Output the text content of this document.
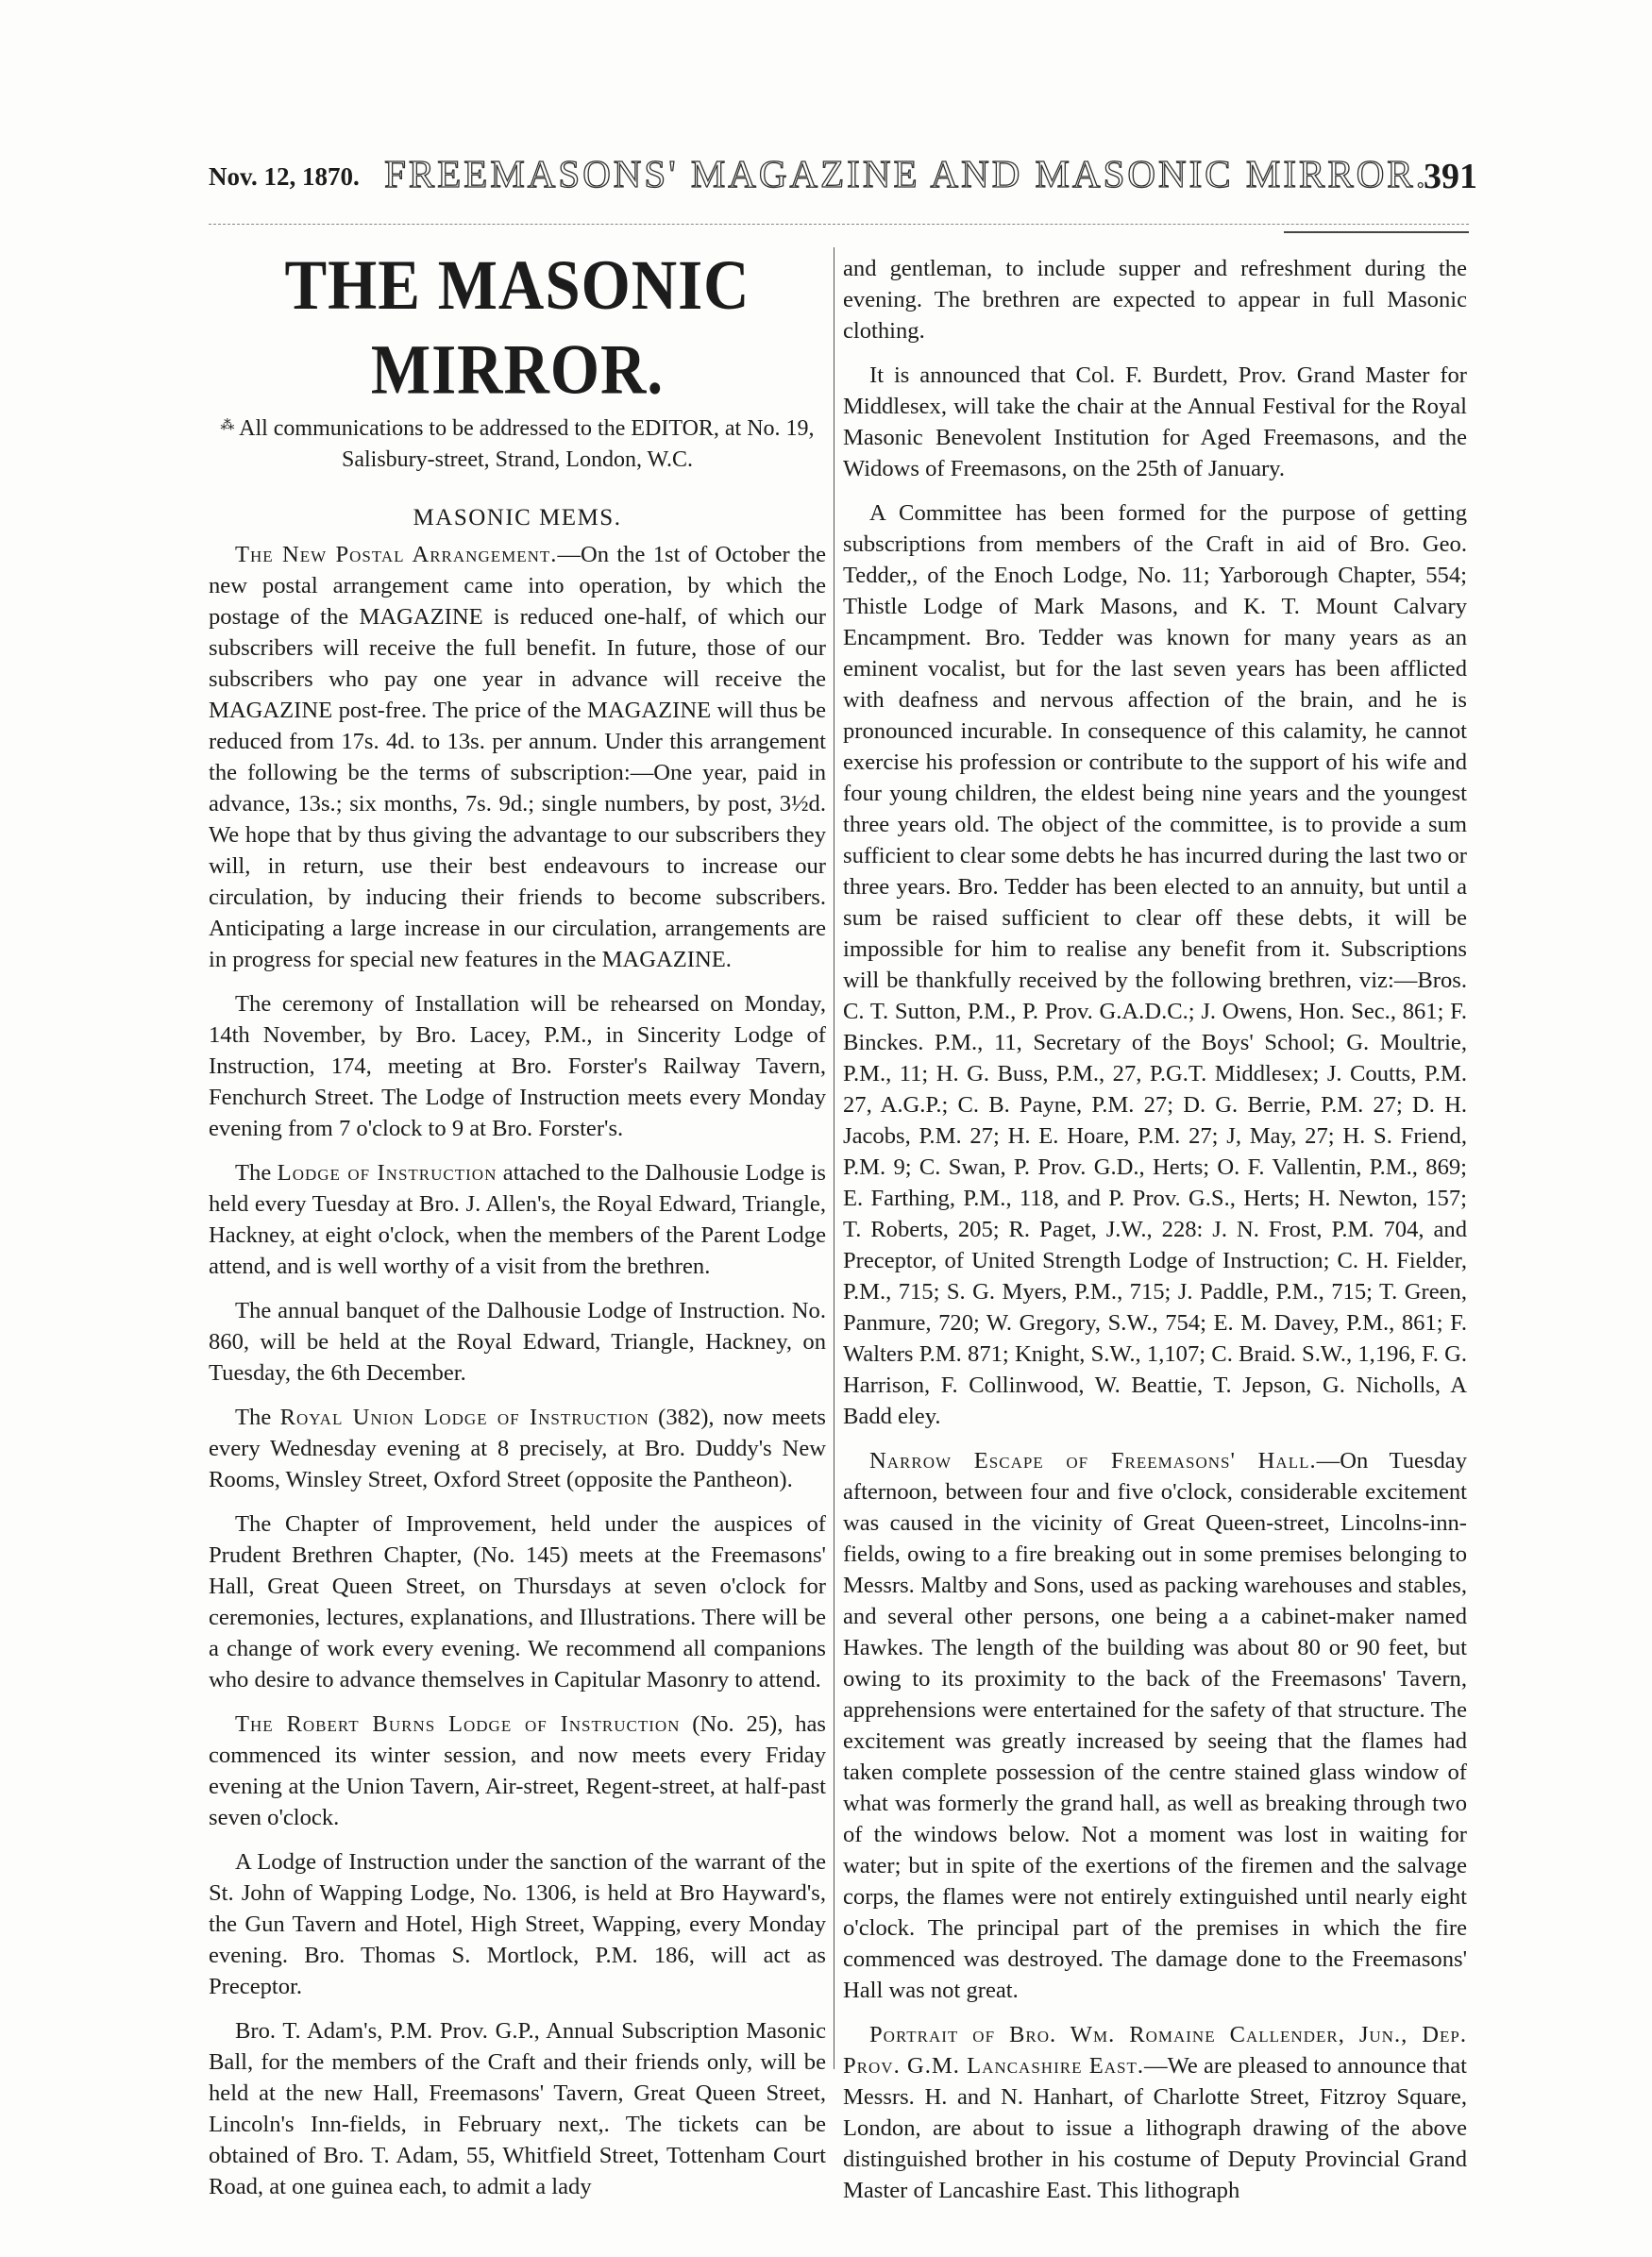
Nov. 12, 1870. FREEMASONS' MAGAZINE AND MASONIC MIRROR.
391
THE MASONIC MIRROR.
⁂ All communications to be addressed to the EDITOR, at No. 19, Salisbury-street, Strand, London, W.C.
MASONIC MEMS.

The New Postal Arrangement.—On the 1st of October the new postal arrangement came into operation, by which the postage of the MAGAZINE is reduced one-half, of which our subscribers will receive the full benefit. In future, those of our subscribers who pay one year in advance will receive the MAGAZINE post-free. The price of the MAGAZINE will thus be reduced from 17s. 4d. to 13s. per annum. Under this arrangement the following be the terms of subscription:—One year, paid in advance, 13s.; six months, 7s. 9d.; single numbers, by post, 3½d. We hope that by thus giving the advantage to our subscribers they will, in return, use their best endeavours to increase our circulation, by inducing their friends to become subscribers. Anticipating a large increase in our circulation, arrangements are in progress for special new features in the MAGAZINE.

The ceremony of Installation will be rehearsed on Monday, 14th November, by Bro. Lacey, P.M., in Sincerity Lodge of Instruction, 174, meeting at Bro. Forster's Railway Tavern, Fenchurch Street. The Lodge of Instruction meets every Monday evening from 7 o'clock to 9 at Bro. Forster's.

The Lodge of Instruction attached to the Dalhousie Lodge is held every Tuesday at Bro. J. Allen's, the Royal Edward, Triangle, Hackney, at eight o'clock, when the members of the Parent Lodge attend, and is well worthy of a visit from the brethren.

The annual banquet of the Dalhousie Lodge of Instruction. No. 860, will be held at the Royal Edward, Triangle, Hackney, on Tuesday, the 6th December.

The Royal Union Lodge of Instruction (382), now meets every Wednesday evening at 8 precisely, at Bro. Duddy's New Rooms, Winsley Street, Oxford Street (opposite the Pantheon).

The Chapter of Improvement, held under the auspices of Prudent Brethren Chapter, (No. 145) meets at the Freemasons' Hall, Great Queen Street, on Thursdays at seven o'clock for ceremonies, lectures, explanations, and Illustrations. There will be a change of work every evening. We recommend all companions who desire to advance themselves in Capitular Masonry to attend.

The Robert Burns Lodge of Instruction (No. 25), has commenced its winter session, and now meets every Friday evening at the Union Tavern, Air-street, Regent-street, at half-past seven o'clock.

A Lodge of Instruction under the sanction of the warrant of the St. John of Wapping Lodge, No. 1306, is held at Bro Hayward's, the Gun Tavern and Hotel, High Street, Wapping, every Monday evening. Bro. Thomas S. Mortlock, P.M. 186, will act as Preceptor.

Bro. T. Adam's, P.M. Prov. G.P., Annual Subscription Masonic Ball, for the members of the Craft and their friends only, will be held at the new Hall, Freemasons' Tavern, Great Queen Street, Lincoln's Inn-fields, in February next,. The tickets can be obtained of Bro. T. Adam, 55, Whitfield Street, Tottenham Court Road, at one guinea each, to admit a lady

and gentleman, to include supper and refreshment during the evening. The brethren are expected to appear in full Masonic clothing.

It is announced that Col. F. Burdett, Prov. Grand Master for Middlesex, will take the chair at the Annual Festival for the Royal Masonic Benevolent Institution for Aged Freemasons, and the Widows of Freemasons, on the 25th of January.

A Committee has been formed for the purpose of getting subscriptions from members of the Craft in aid of Bro. Geo. Tedder,, of the Enoch Lodge, No. 11; Yarborough Chapter, 554; Thistle Lodge of Mark Masons, and K. T. Mount Calvary Encampment. Bro. Tedder was known for many years as an eminent vocalist, but for the last seven years has been afflicted with deafness and nervous affection of the brain, and he is pronounced incurable. In consequence of this calamity, he cannot exercise his profession or contribute to the support of his wife and four young children, the eldest being nine years and the youngest three years old. The object of the committee, is to provide a sum sufficient to clear some debts he has incurred during the last two or three years. Bro. Tedder has been elected to an annuity, but until a sum be raised sufficient to clear off these debts, it will be impossible for him to realise any benefit from it. Subscriptions will be thankfully received by the following brethren, viz:—Bros. C. T. Sutton, P.M., P. Prov. G.A.D.C.; J. Owens, Hon. Sec., 861; F. Binckes. P.M., 11, Secretary of the Boys' School; G. Moultrie, P.M., 11; H. G. Buss, P.M., 27, P.G.T. Middlesex; J. Coutts, P.M. 27, A.G.P.; C. B. Payne, P.M. 27; D. G. Berrie, P.M. 27; D. H. Jacobs, P.M. 27; H. E. Hoare, P.M. 27; J, May, 27; H. S. Friend, P.M. 9; C. Swan, P. Prov. G.D., Herts; O. F. Vallentin, P.M., 869; E. Farthing, P.M., 118, and P. Prov. G.S., Herts; H. Newton, 157; T. Roberts, 205; R. Paget, J.W., 228: J. N. Frost, P.M. 704, and Preceptor, of United Strength Lodge of Instruction; C. H. Fielder, P.M., 715; S. G. Myers, P.M., 715; J. Paddle, P.M., 715; T. Green, Panmure, 720; W. Gregory, S.W., 754; E. M. Davey, P.M., 861; F. Walters P.M. 871; Knight, S.W., 1,107; C. Braid. S.W., 1,196, F. G. Harrison, F. Collinwood, W. Beattie, T. Jepson, G. Nicholls, A Badd eley.

Narrow Escape of Freemasons' Hall.—On Tuesday afternoon, between four and five o'clock, considerable excitement was caused in the vicinity of Great Queen-street, Lincolns-inn-fields, owing to a fire breaking out in some premises belonging to Messrs. Maltby and Sons, used as packing warehouses and stables, and several other persons, one being a a cabinet-maker named Hawkes. The length of the building was about 80 or 90 feet, but owing to its proximity to the back of the Freemasons' Tavern, apprehensions were entertained for the safety of that structure. The excitement was greatly increased by seeing that the flames had taken complete possession of the centre stained glass window of what was formerly the grand hall, as well as breaking through two of the windows below. Not a moment was lost in waiting for water; but in spite of the exertions of the firemen and the salvage corps, the flames were not entirely extinguished until nearly eight o'clock. The principal part of the premises in which the fire commenced was destroyed. The damage done to the Freemasons' Hall was not great.

Portrait of Bro. Wm. Romaine Callender, Jun., Dep. Prov. G.M. Lancashire East.—We are pleased to announce that Messrs. H. and N. Hanhart, of Charlotte Street, Fitzroy Square, London, are about to issue a lithograph drawing of the above distinguished brother in his costume of Deputy Provincial Grand Master of Lancashire East. This lithograph
